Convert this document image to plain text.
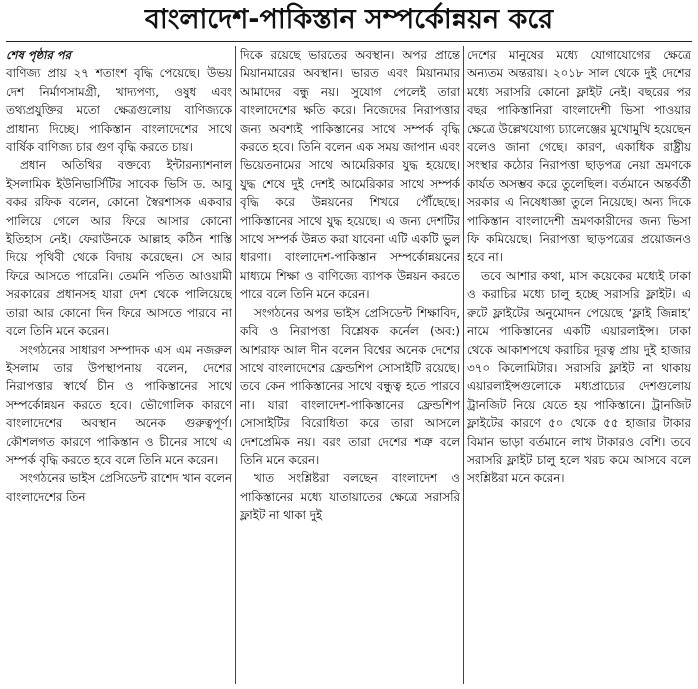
বাংলাদেশ-পাকিস্তান সম্পর্কোন্নয়ন করে

শেষ পৃষ্ঠার পর

বাণিজ্য প্রায় ২৭ শতাংশ বৃদ্ধি পেয়েছে। উভয় দেশ নির্মাণসামগ্রী, খাদ্যপণ্য, ওষুধ এবং তথ্যপ্রযুক্তির মতো ক্ষেত্রগুলোয় বাণিজ্যকে প্রাধান্য দিচ্ছে। পাকিস্তান বাংলাদেশের সাথে বার্ষিক বাণিজ্য চার গুণ বৃদ্ধি করতে চায়।

প্রধান অতিথির বক্তব্যে ইন্টারন্যাশনাল ইসলামিক ইউনিভার্সিটির সাবেক ভিসি ড. আবু বকর রফিক বলেন, কোনো স্বৈরশাসক একবার পালিয়ে গেলে আর ফিরে আসার কোনো ইতিহাস নেই। ফেরাউনকে আল্লাহ কঠিন শাস্তি দিয়ে পৃথিবী থেকে বিদায় করেছেন। সে আর ফিরে আসতে পারেনি। তেমনি পতিত আওয়ামী সরকারের প্রধানসহ যারা দেশ থেকে পালিয়েছে তারা আর কোনো দিন ফিরে আসতে পারবে না বলে তিনি মনে করেন।

সংগঠনের সাধারণ সম্পাদক এস এম নজরুল ইসলাম তার উপস্থাপনায় বলেন, দেশের নিরাপত্তার স্বার্থে চীন ও পাকিস্তানের সাথে সম্পর্কোন্নয়ন করতে হবে। ভৌগোলিক কারণে বাংলাদেশের অবস্থান অনেক গুরুত্বপূর্ণ। কৌশলগত কারণে পাকিস্তান ও চীনের সাথে এ সম্পর্ক বৃদ্ধি করতে হবে বলে তিনি মনে করেন।

সংগঠনের ভাইস প্রেসিডেন্ট রাশেদ খান বলেন বাংলাদেশের তিন

দিকে রয়েছে ভারতের অবস্থান। অপর প্রান্তে মিয়ানমারের অবস্থান। ভারত এবং মিয়ানমার আমাদের বন্ধু নয়। সুযোগ পেলেই তারা বাংলাদেশের ক্ষতি করে। নিজেদের নিরাপত্তার জন্য অবশ্যই পাকিস্তানের সাথে সম্পর্ক বৃদ্ধি করতে হবে। তিনি বলেন এক সময় জাপান এবং ভিয়েতনামের সাথে আমেরিকার যুদ্ধ হয়েছে। যুদ্ধ শেষে দুই দেশই আমেরিকার সাথে সম্পর্ক বৃদ্ধি করে উন্নয়নের শিখরে পৌঁছেছে। পাকিস্তানের সাথে যুদ্ধ হয়েছে। এ জন্য দেশটির সাথে সম্পর্ক উন্নত করা যাবেনা এটি একটি ভুল ধারণা। বাংলাদেশ-পাকিস্তান সম্পর্কোন্নয়নের মাধ্যমে শিক্ষা ও বাণিজ্যে ব্যাপক উন্নয়ন করতে পারে বলে তিনি মনে করেন।

সংগঠনের অপর ভাইস প্রেসিডেন্ট শিক্ষাবিদ, কবি ও নিরাপত্তা বিশ্লেষক কর্নেল (অব:) আশরাফ আল দীন বলেন বিশ্বের অনেক দেশের সাথে বাংলাদেশের ফ্রেন্ডশিপ সোসাইটি রয়েছে। তবে কেন পাকিস্তানের সাথে বন্ধুত্ব হতে পারবে না। যারা বাংলাদেশ-পাকিস্তানের ফ্রেন্ডশিপ সোসাইটির বিরোধিতা করে তারা আসলে দেশপ্রেমিক নয়। বরং তারা দেশের শত্রু বলে তিনি মনে করেন।

খাত সংশ্লিষ্টরা বলছেন বাংলাদেশ ও পাকিস্তানের মধ্যে যাতায়াতের ক্ষেত্রে সরাসরি ফ্লাইট না থাকা দুই

দেশের মানুষের মধ্যে যোগাযোগের ক্ষেত্রে অন্যতম অন্তরায়। ২০১৮ সাল থেকে দুই দেশের মধ্যে সরাসরি কোনো ফ্লাইট নেই। বছরের পর বছর পাকিস্তানিরা বাংলাদেশী ভিসা পাওয়ার ক্ষেত্রে উল্লেখযোগ্য চ্যালেঞ্জের মুখোমুখি হয়েছেন বলেও জানা গেছে। কারণ, একাধিক রাষ্ট্রীয় সংস্থার কঠোর নিরাপত্তা ছাড়পত্র নেয়া ভ্রমণকে কার্যত অসম্ভব করে তুলেছিল। বর্তমানে অন্তর্বর্তী সরকার এ নিষেধাজ্ঞা তুলে নিয়েছে। অন্য দিকে পাকিস্তান বাংলাদেশী ভ্রমণকারীদের জন্য ভিসা ফি কমিয়েছে। নিরাপত্তা ছাড়পত্রের প্রয়োজনও হবে না।

তবে আশার কথা, মাস কয়েকের মধ্যেই ঢাকা ও করাচির মধ্যে চালু হচ্ছে সরাসরি ফ্লাইট। এ রুটে ফ্লাইটের অনুমোদন পেয়েছে ‘ফ্লাই জিন্নাহ’ নামে পাকিস্তানের একটি এয়ারলাইন্স। ঢাকা থেকে আকাশপথে করাচির দূরত্ব প্রায় দুই হাজার ৩৭০ কিলোমিটার। সরাসরি ফ্লাইট না থাকায় এয়ারলাইন্সগুলোকে মধ্যপ্রাচ্যের দেশগুলোয় ট্রানজিট নিয়ে যেতে হয় পাকিস্তানে। ট্রানজিট ফ্লাইটের কারণে ৫০ থেকে ৫৫ হাজার টাকার বিমান ভাড়া বর্তমানে লাখ টাকারও বেশি। তবে সরাসরি ফ্লাইট চালু হলে খরচ কমে আসবে বলে সংশ্লিষ্টরা মনে করেন।
